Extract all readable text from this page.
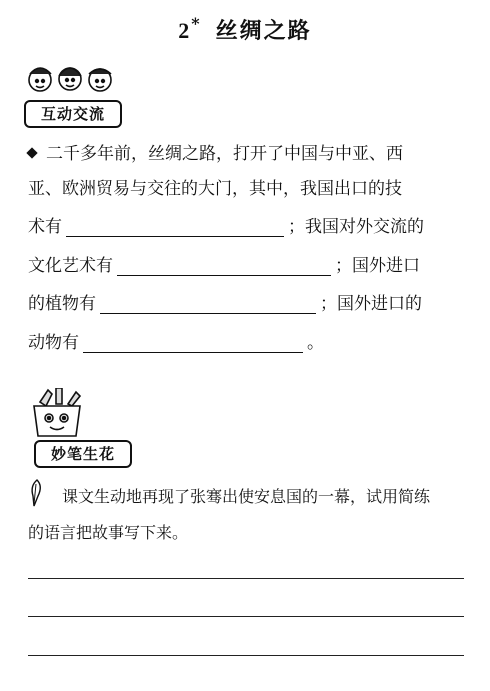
2* 丝绸之路
互动交流
二千多年前，丝绸之路，打开了中国与中亚、西
亚、欧洲贸易与交往的大门，其中，我国出口的技
术有	；我国对外交流的
文化艺术有	；国外进口
的植物有	；国外进口的
动物有	。
妙笔生花
课文生动地再现了张骞出使安息国的一幕，试用简练
的语言把故事写下来。
